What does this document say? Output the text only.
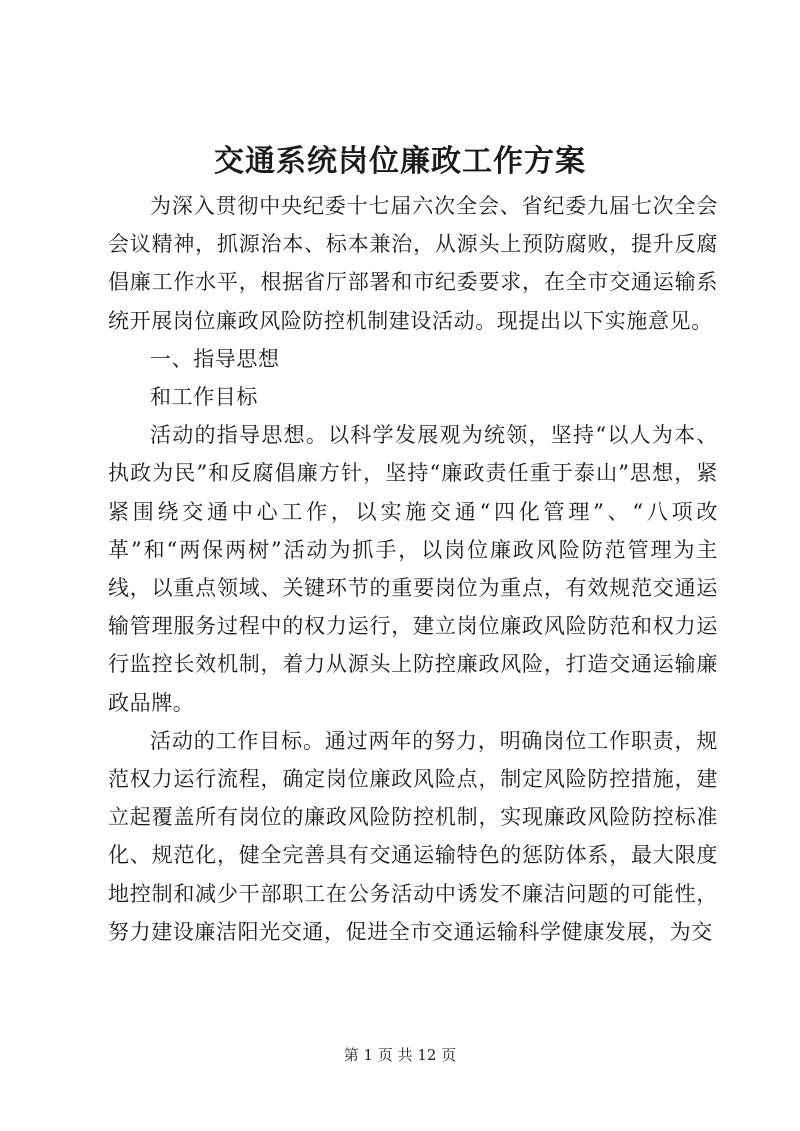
交通系统岗位廉政工作方案

为深入贯彻中央纪委十七届六次全会、省纪委九届七次全会会议精神，抓源治本、标本兼治，从源头上预防腐败，提升反腐倡廉工作水平，根据省厅部署和市纪委要求，在全市交通运输系统开展岗位廉政风险防控机制建设活动。现提出以下实施意见。

一、指导思想

和工作目标

活动的指导思想。以科学发展观为统领，坚持“以人为本、执政为民”和反腐倡廉方针，坚持“廉政责任重于泰山”思想，紧紧围绕交通中心工作，以实施交通“四化管理”、“八项改革”和“两保两树”活动为抓手，以岗位廉政风险防范管理为主线，以重点领域、关键环节的重要岗位为重点，有效规范交通运输管理服务过程中的权力运行，建立岗位廉政风险防范和权力运行监控长效机制，着力从源头上防控廉政风险，打造交通运输廉政品牌。

活动的工作目标。通过两年的努力，明确岗位工作职责，规范权力运行流程，确定岗位廉政风险点，制定风险防控措施，建立起覆盖所有岗位的廉政风险防控机制，实现廉政风险防控标准化、规范化，健全完善具有交通运输特色的惩防体系，最大限度地控制和减少干部职工在公务活动中诱发不廉洁问题的可能性，努力建设廉洁阳光交通，促进全市交通运输科学健康发展，为交

第 1 页 共 12 页
